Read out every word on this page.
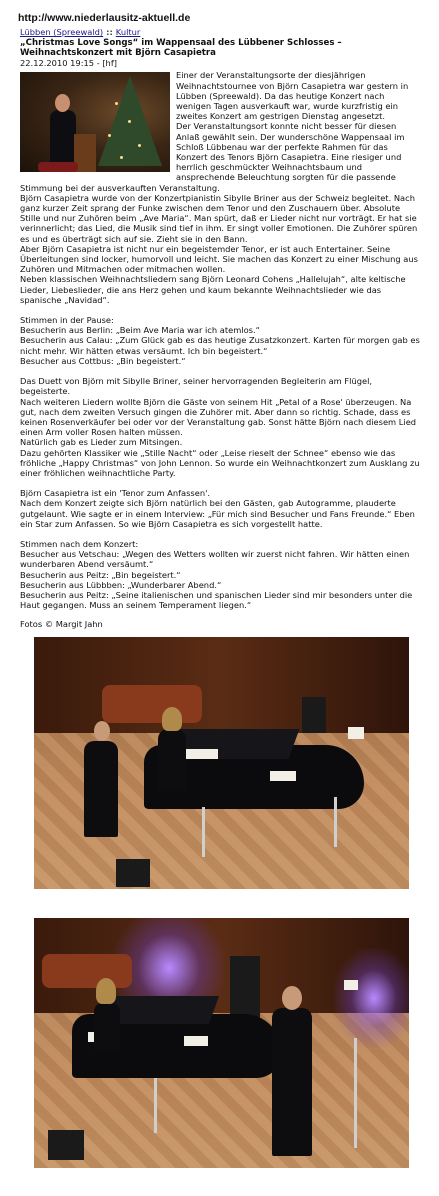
http://www.niederlausitz-aktuell.de
Lübben (Spreewald) :: Kultur
„Christmas Love Songs“ im Wappensaal des Lübbener Schlosses – Weihnachtskonzert mit Björn Casapietra
22.12.2010 19:15 - [hf]

Einer der Veranstaltungsorte der diesjährigen Weihnachtstournee von Björn Casapietra war gestern in Lübben (Spreewald). Da das heutige Konzert nach wenigen Tagen ausverkauft war, wurde kurzfristig ein zweites Konzert am gestrigen Dienstag angesetzt.

Der Veranstaltungsort konnte nicht besser für diesen Anlaß gewählt sein. Der wunderschöne Wappensaal im Schloß Lübbenau war der perfekte Rahmen für das Konzert des Tenors Björn Casapietra. Eine riesiger und herrlich geschmückter Weihnachtsbaum und ansprechende Beleuchtung sorgten für die passende Stimmung bei der ausverkauften Veranstaltung.

Björn Casapietra wurde von der Konzertpianistin Sibylle Briner aus der Schweiz begleitet. Nach ganz kurzer Zeit sprang der Funke zwischen dem Tenor und den Zuschauern über. Absolute Stille und nur Zuhören beim „Ave Maria“. Man spürt, daß er Lieder nicht nur vorträgt. Er hat sie verinnerlicht; das Lied, die Musik sind tief in ihm. Er singt voller Emotionen. Die Zuhörer spüren es und es überträgt sich auf sie. Zieht sie in den Bann.

Aber Björn Casapietra ist nicht nur ein begeistemder Tenor, er ist auch Entertainer. Seine Überleitungen sind locker, humorvoll und leicht. Sie machen das Konzert zu einer Mischung aus Zuhören und Mitmachen oder mitmachen wollen.

Neben klassischen Weihnachtsliedern sang Björn Leonard Cohens „Hallelujah“, alte keltische Lieder, Liebeslieder, die ans Herz gehen und kaum bekannte Weihnachtslieder wie das spanische „Navidad“.

Stimmen in der Pause:

Besucherin aus Berlin: „Beim Ave Maria war ich atemlos.“

Besucherin aus Calau: „Zum Glück gab es das heutige Zusatzkonzert. Karten für morgen gab es nicht mehr. Wir hätten etwas versäumt. Ich bin begeistert.“

Besucher aus Cottbus: „Bin begeistert.“

Das Duett von Björn mit Sibylle Briner, seiner hervorragenden Begleiterin am Flügel, begeisterte.

Nach weiteren Liedern wollte Björn die Gäste von seinem Hit „Petal of a Rose' überzeugen. Na gut, nach dem zweiten Versuch gingen die Zuhörer mit. Aber dann so richtig. Schade, dass es keinen Rosenverkäufer bei oder vor der Veranstaltung gab. Sonst hätte Björn nach diesem Lied einen Arm voller Rosen halten müssen.

Natürlich gab es Lieder zum Mitsingen.

Dazu gehörten Klassiker wie „Stille Nacht“ oder „Leise rieselt der Schnee“ ebenso wie das fröhliche „Happy Christmas“ von John Lennon. So wurde ein Weihnachtkonzert zum Ausklang zu einer fröhlichen weihnachtliche Party.

Björn Casapietra ist ein 'Tenor zum Anfassen'.

Nach dem Konzert zeigte sich Björn natürlich bei den Gästen, gab Autogramme, plauderte gutgelaunt. Wie sagte er in einem Interview: „Für mich sind Besucher und Fans Freunde.“ Eben ein Star zum Anfassen. So wie Björn Casapietra es sich vorgestellt hatte.

Stimmen nach dem Konzert:

Besucher aus Vetschau: „Wegen des Wetters wollten wir zuerst nicht fahren. Wir hätten einen wunderbaren Abend versäumt.“

Besucherin aus Peitz: „Bin begeistert.“

Besucherin aus Lübbben: „Wunderbarer Abend.“

Besucherin aus Peitz: „Seine italienischen und spanischen Lieder sind mir besonders unter die Haut gegangen. Muss an seinem Temperament liegen.“

Fotos © Margit Jahn
